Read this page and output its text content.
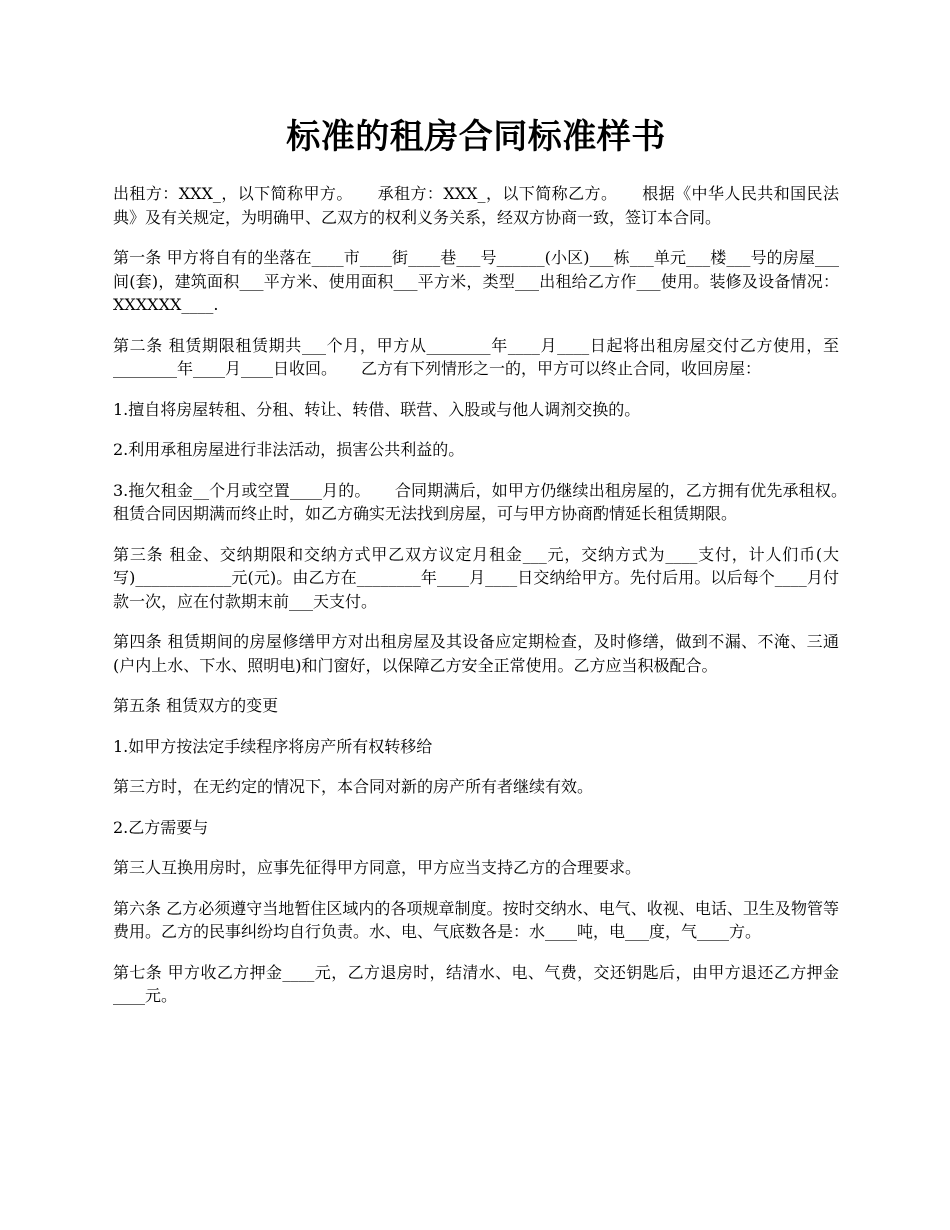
标准的租房合同标准样书

出租方：XXX_，以下简称甲方。　　承租方：XXX_，以下简称乙方。　　根据《中华人民共和国民法典》及有关规定，为明确甲、乙双方的权利义务关系，经双方协商一致，签订本合同。

第一条 甲方将自有的坐落在____市____街____巷___号______(小区)___栋___单元___楼___号的房屋___间(套)，建筑面积___平方米、使用面积___平方米，类型___出租给乙方作___使用。装修及设备情况：XXXXXX____.

第二条 租赁期限租赁期共___个月，甲方从________年____月____日起将出租房屋交付乙方使用，至________年____月____日收回。　　乙方有下列情形之一的，甲方可以终止合同，收回房屋：

1.擅自将房屋转租、分租、转让、转借、联营、入股或与他人调剂交换的。

2.利用承租房屋进行非法活动，损害公共利益的。

3.拖欠租金__个月或空置____月的。　　合同期满后，如甲方仍继续出租房屋的，乙方拥有优先承租权。　　租赁合同因期满而终止时，如乙方确实无法找到房屋，可与甲方协商酌情延长租赁期限。

第三条 租金、交纳期限和交纳方式甲乙双方议定月租金___元，交纳方式为____支付，计人们币(大写)____________元(元)。由乙方在________年____月____日交纳给甲方。先付后用。以后每个____月付款一次，应在付款期末前___天支付。

第四条 租赁期间的房屋修缮甲方对出租房屋及其设备应定期检查，及时修缮，做到不漏、不淹、三通(户内上水、下水、照明电)和门窗好，以保障乙方安全正常使用。乙方应当积极配合。

第五条 租赁双方的变更

1.如甲方按法定手续程序将房产所有权转移给

第三方时，在无约定的情况下，本合同对新的房产所有者继续有效。

2.乙方需要与

第三人互换用房时，应事先征得甲方同意，甲方应当支持乙方的合理要求。

第六条 乙方必须遵守当地暂住区域内的各项规章制度。按时交纳水、电气、收视、电话、卫生及物管等费用。乙方的民事纠纷均自行负责。水、电、气底数各是：水____吨，电___度，气____方。

第七条 甲方收乙方押金____元，乙方退房时，结清水、电、气费，交还钥匙后，由甲方退还乙方押金____元。
